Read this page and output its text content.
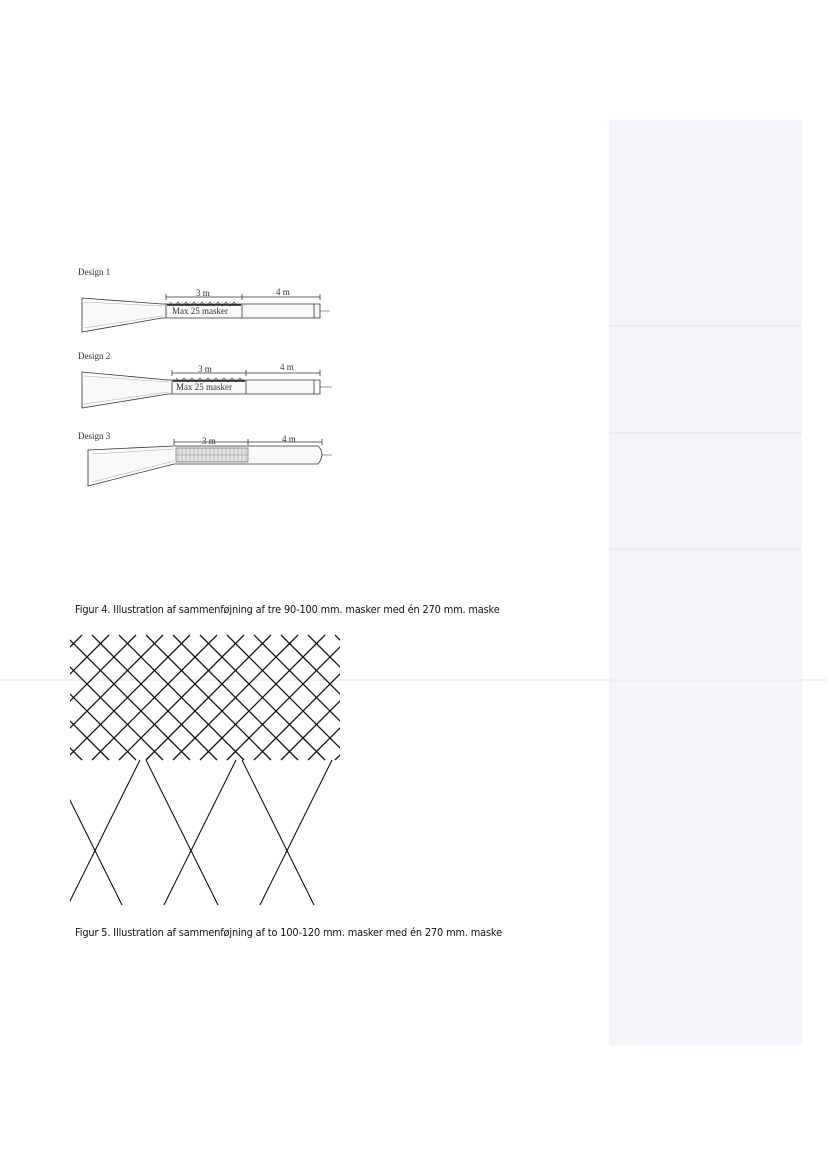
Design 1
3 m	4 m
Max 25 masker
Design 2
3 m	4 m
Max 25 masker
Design 3	3 m	4 m
Figur 4. Illustration af sammenføjning af tre 90-100 mm. masker med én 270 mm. maske
Figur 5. Illustration af sammenføjning af to 100-120 mm. masker med én 270 mm. maske
